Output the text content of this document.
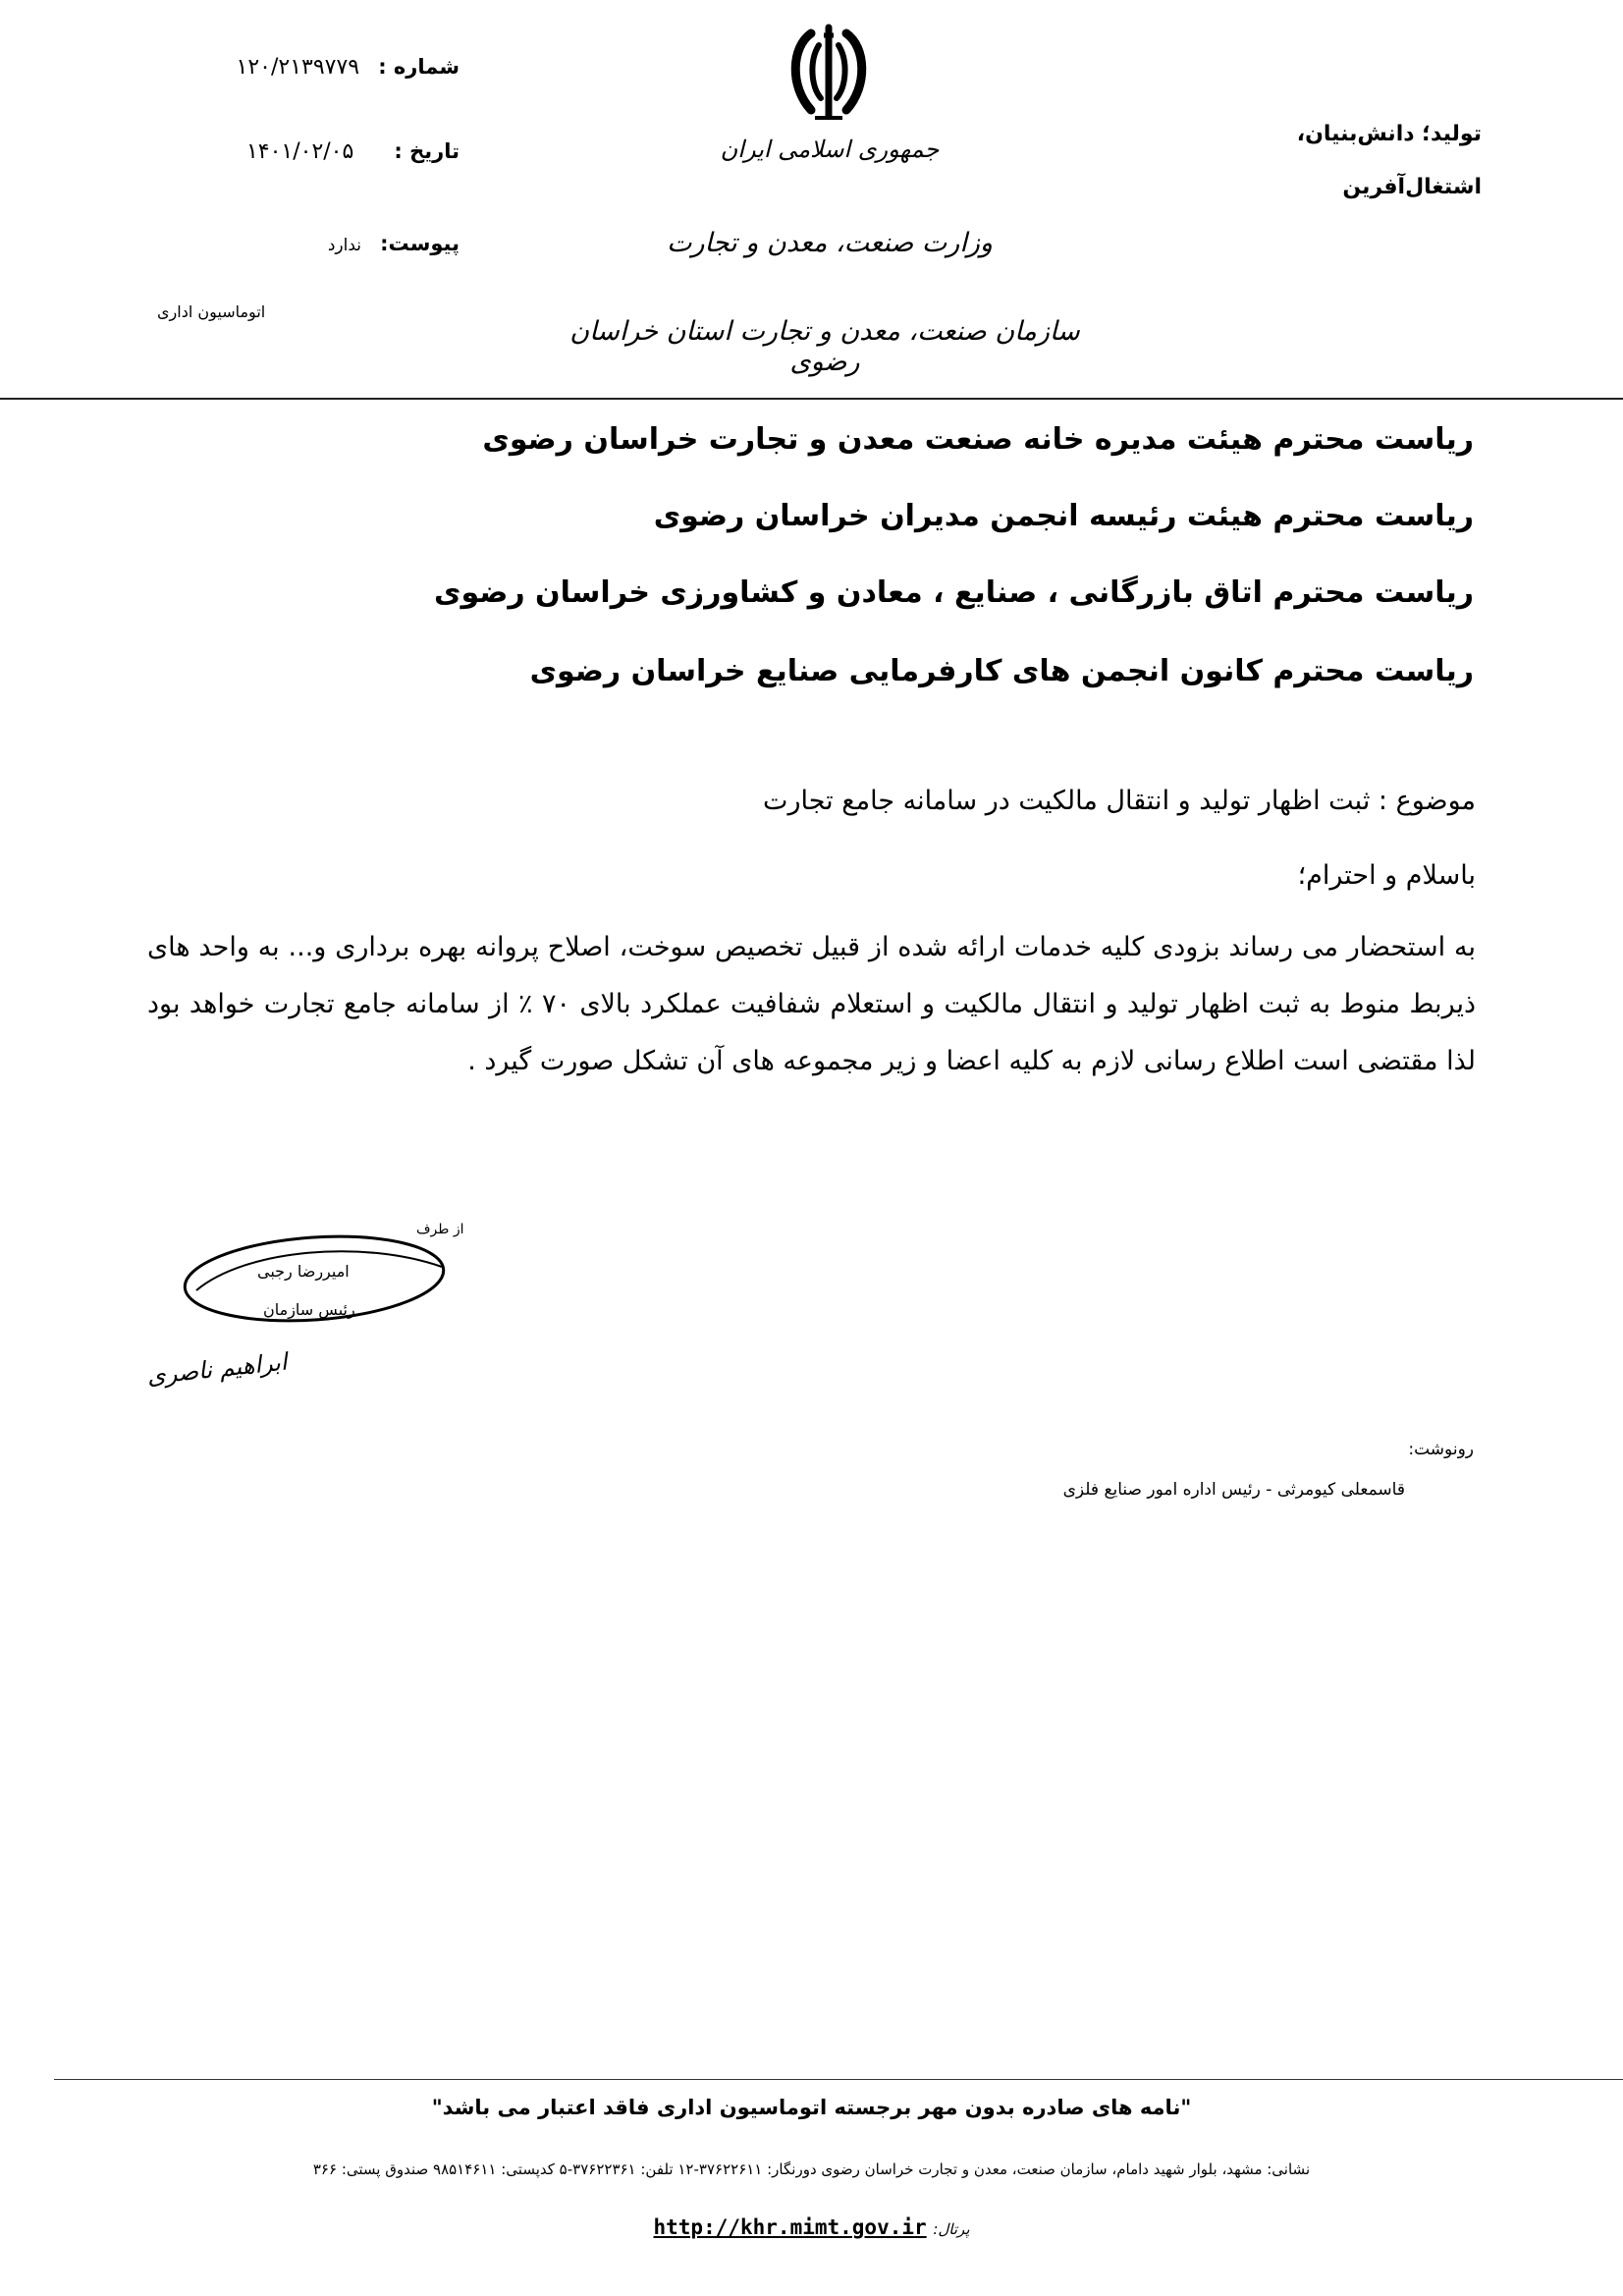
تولید؛ دانش‌بنیان،
اشتغال‌آفرین
جمهوری اسلامی ایران
وزارت صنعت، معدن و تجارت
سازمان صنعت، معدن و تجارت استان خراسان رضوی
شماره : ۱۲۰/۲۱۳۹۷۷۹
تاریخ : ۱۴۰۱/۰۲/۰۵
پیوست: ندارد
اتوماسیون اداری
ریاست محترم هیئت مدیره خانه صنعت معدن و تجارت خراسان رضوی
ریاست محترم هیئت رئیسه انجمن مدیران خراسان رضوی
ریاست محترم اتاق بازرگانی ، صنایع ، معادن و کشاورزی خراسان رضوی
ریاست محترم کانون انجمن های کارفرمایی صنایع خراسان رضوی
موضوع : ثبت اظهار تولید و انتقال مالکیت در سامانه جامع تجارت
باسلام و احترام؛
به استحضار می رساند بزودی کلیه خدمات ارائه شده از قبیل تخصیص سوخت، اصلاح پروانه بهره برداری و... به واحد های ذیربط منوط به ثبت اظهار تولید و انتقال مالکیت و استعلام شفافیت عملکرد بالای ۷۰ ٪ از سامانه جامع تجارت خواهد بود لذا مقتضی است اطلاع رسانی لازم به کلیه اعضا و زیر مجموعه های آن تشکل صورت گیرد .
از طرف
امیررضا رجبی
رئیس سازمان
ابراهیم ناصری
رونوشت:
قاسمعلی کیومرثی - رئیس اداره امور صنایع فلزی
"نامه های صادره بدون مهر برجسته اتوماسیون اداری فاقد اعتبار می باشد"
نشانی: مشهد، بلوار شهید دامام، سازمان صنعت، معدن و تجارت خراسان رضوی دورنگار: ۳۷۶۲۲۶۱۱-۱۲ تلفن: ۳۷۶۲۲۳۶۱-۵ کدپستی: ۹۸۵۱۴۶۱۱ صندوق پستی: ۳۶۶
پرتال: http://khr.mimt.gov.ir
